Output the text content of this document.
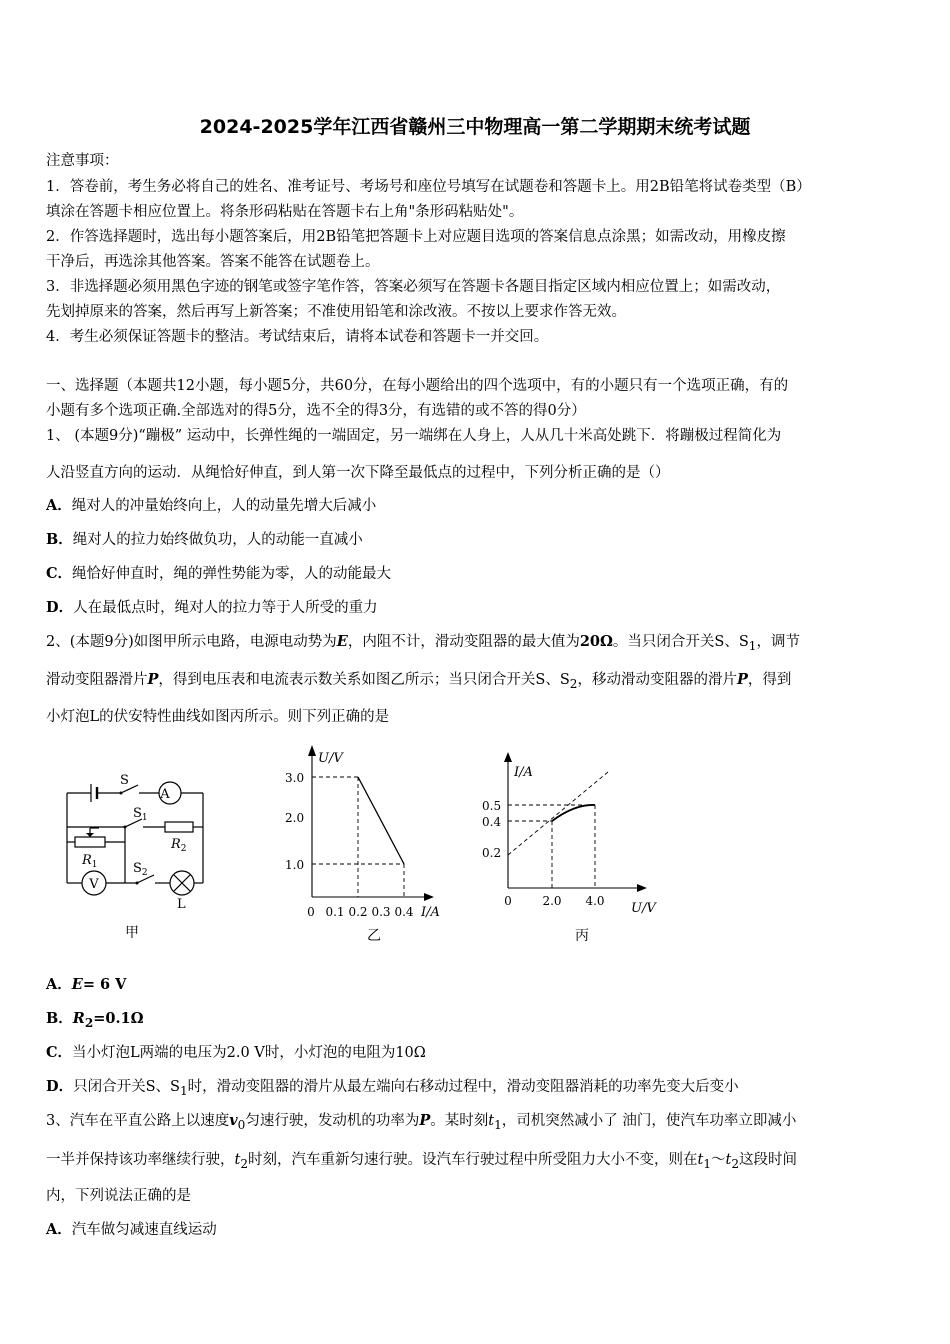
2024-2025学年江西省赣州三中物理高一第二学期期末统考试题
注意事项：
1．答卷前，考生务必将自己的姓名、准考证号、考场号和座位号填写在试题卷和答题卡上。用2B铅笔将试卷类型（B）
填涂在答题卡相应位置上。将条形码粘贴在答题卡右上角"条形码粘贴处"。
2．作答选择题时，选出每小题答案后，用2B铅笔把答题卡上对应题目选项的答案信息点涂黑；如需改动，用橡皮擦
干净后，再选涂其他答案。答案不能答在试题卷上。
3．非选择题必须用黑色字迹的钢笔或签字笔作答，答案必须写在答题卡各题目指定区域内相应位置上；如需改动，
先划掉原来的答案，然后再写上新答案；不准使用铅笔和涂改液。不按以上要求作答无效。
4．考生必须保证答题卡的整洁。考试结束后，请将本试卷和答题卡一并交回。
一、选择题（本题共12小题，每小题5分，共60分，在每小题给出的四个选项中，有的小题只有一个选项正确，有的
小题有多个选项正确.全部选对的得5分，选不全的得3分，有选错的或不答的得0分）
1、 (本题9分)“蹦极” 运动中，长弹性绳的一端固定，另一端绑在人身上，人从几十米高处跳下．将蹦极过程简化为
人沿竖直方向的运动．从绳恰好伸直，到人第一次下降至最低点的过程中，下列分析正确的是（）
A．绳对人的冲量始终向上，人的动量先增大后减小
B．绳对人的拉力始终做负功，人的动能一直减小
C．绳恰好伸直时，绳的弹性势能为零，人的动能最大
D．人在最低点时，绳对人的拉力等于人所受的重力
2、(本题9分)如图甲所示电路，电源电动势为E，内阻不计，滑动变阻器的最大值为20Ω。当只闭合开关S、$S_1$，调节
滑动变阻器滑片P，得到电压表和电流表示数关系如图乙所示；当只闭合开关S、$S_2$，移动滑动变阻器的滑片P，得到
小灯泡L的伏安特性曲线如图丙所示。则下列正确的是
S
A
$S_1$
$R_2$
$R_1$
V
$S_2$
L
甲
U/V
3.0
2.0
1.0
0 0.1 0.2 0.3 0.4 I/A
乙
I/A
0.5
0.4
0.2
0	2.0 4.0 U/V
丙
A．E= 6 V
B．$R_2=0.1\Omega$
C．当小灯泡L两端的电压为2.0 V时，小灯泡的电阻为10Ω
D．只闭合开关S、$S_1$时，滑动变阻器的滑片从最左端向右移动过程中，滑动变阻器消耗的功率先变大后变小
3、汽车在平直公路上以速度$v_0$匀速行驶，发动机的功率为P。某时刻$t_1$，司机突然减小了 油门，使汽车功率立即减小
一半并保持该功率继续行驶，$t_2$时刻，汽车重新匀速行驶。设汽车行驶过程中所受阻力大小不变，则在$t_1\sim t_2$这段时间
内，下列说法正确的是
A．汽车做匀减速直线运动
